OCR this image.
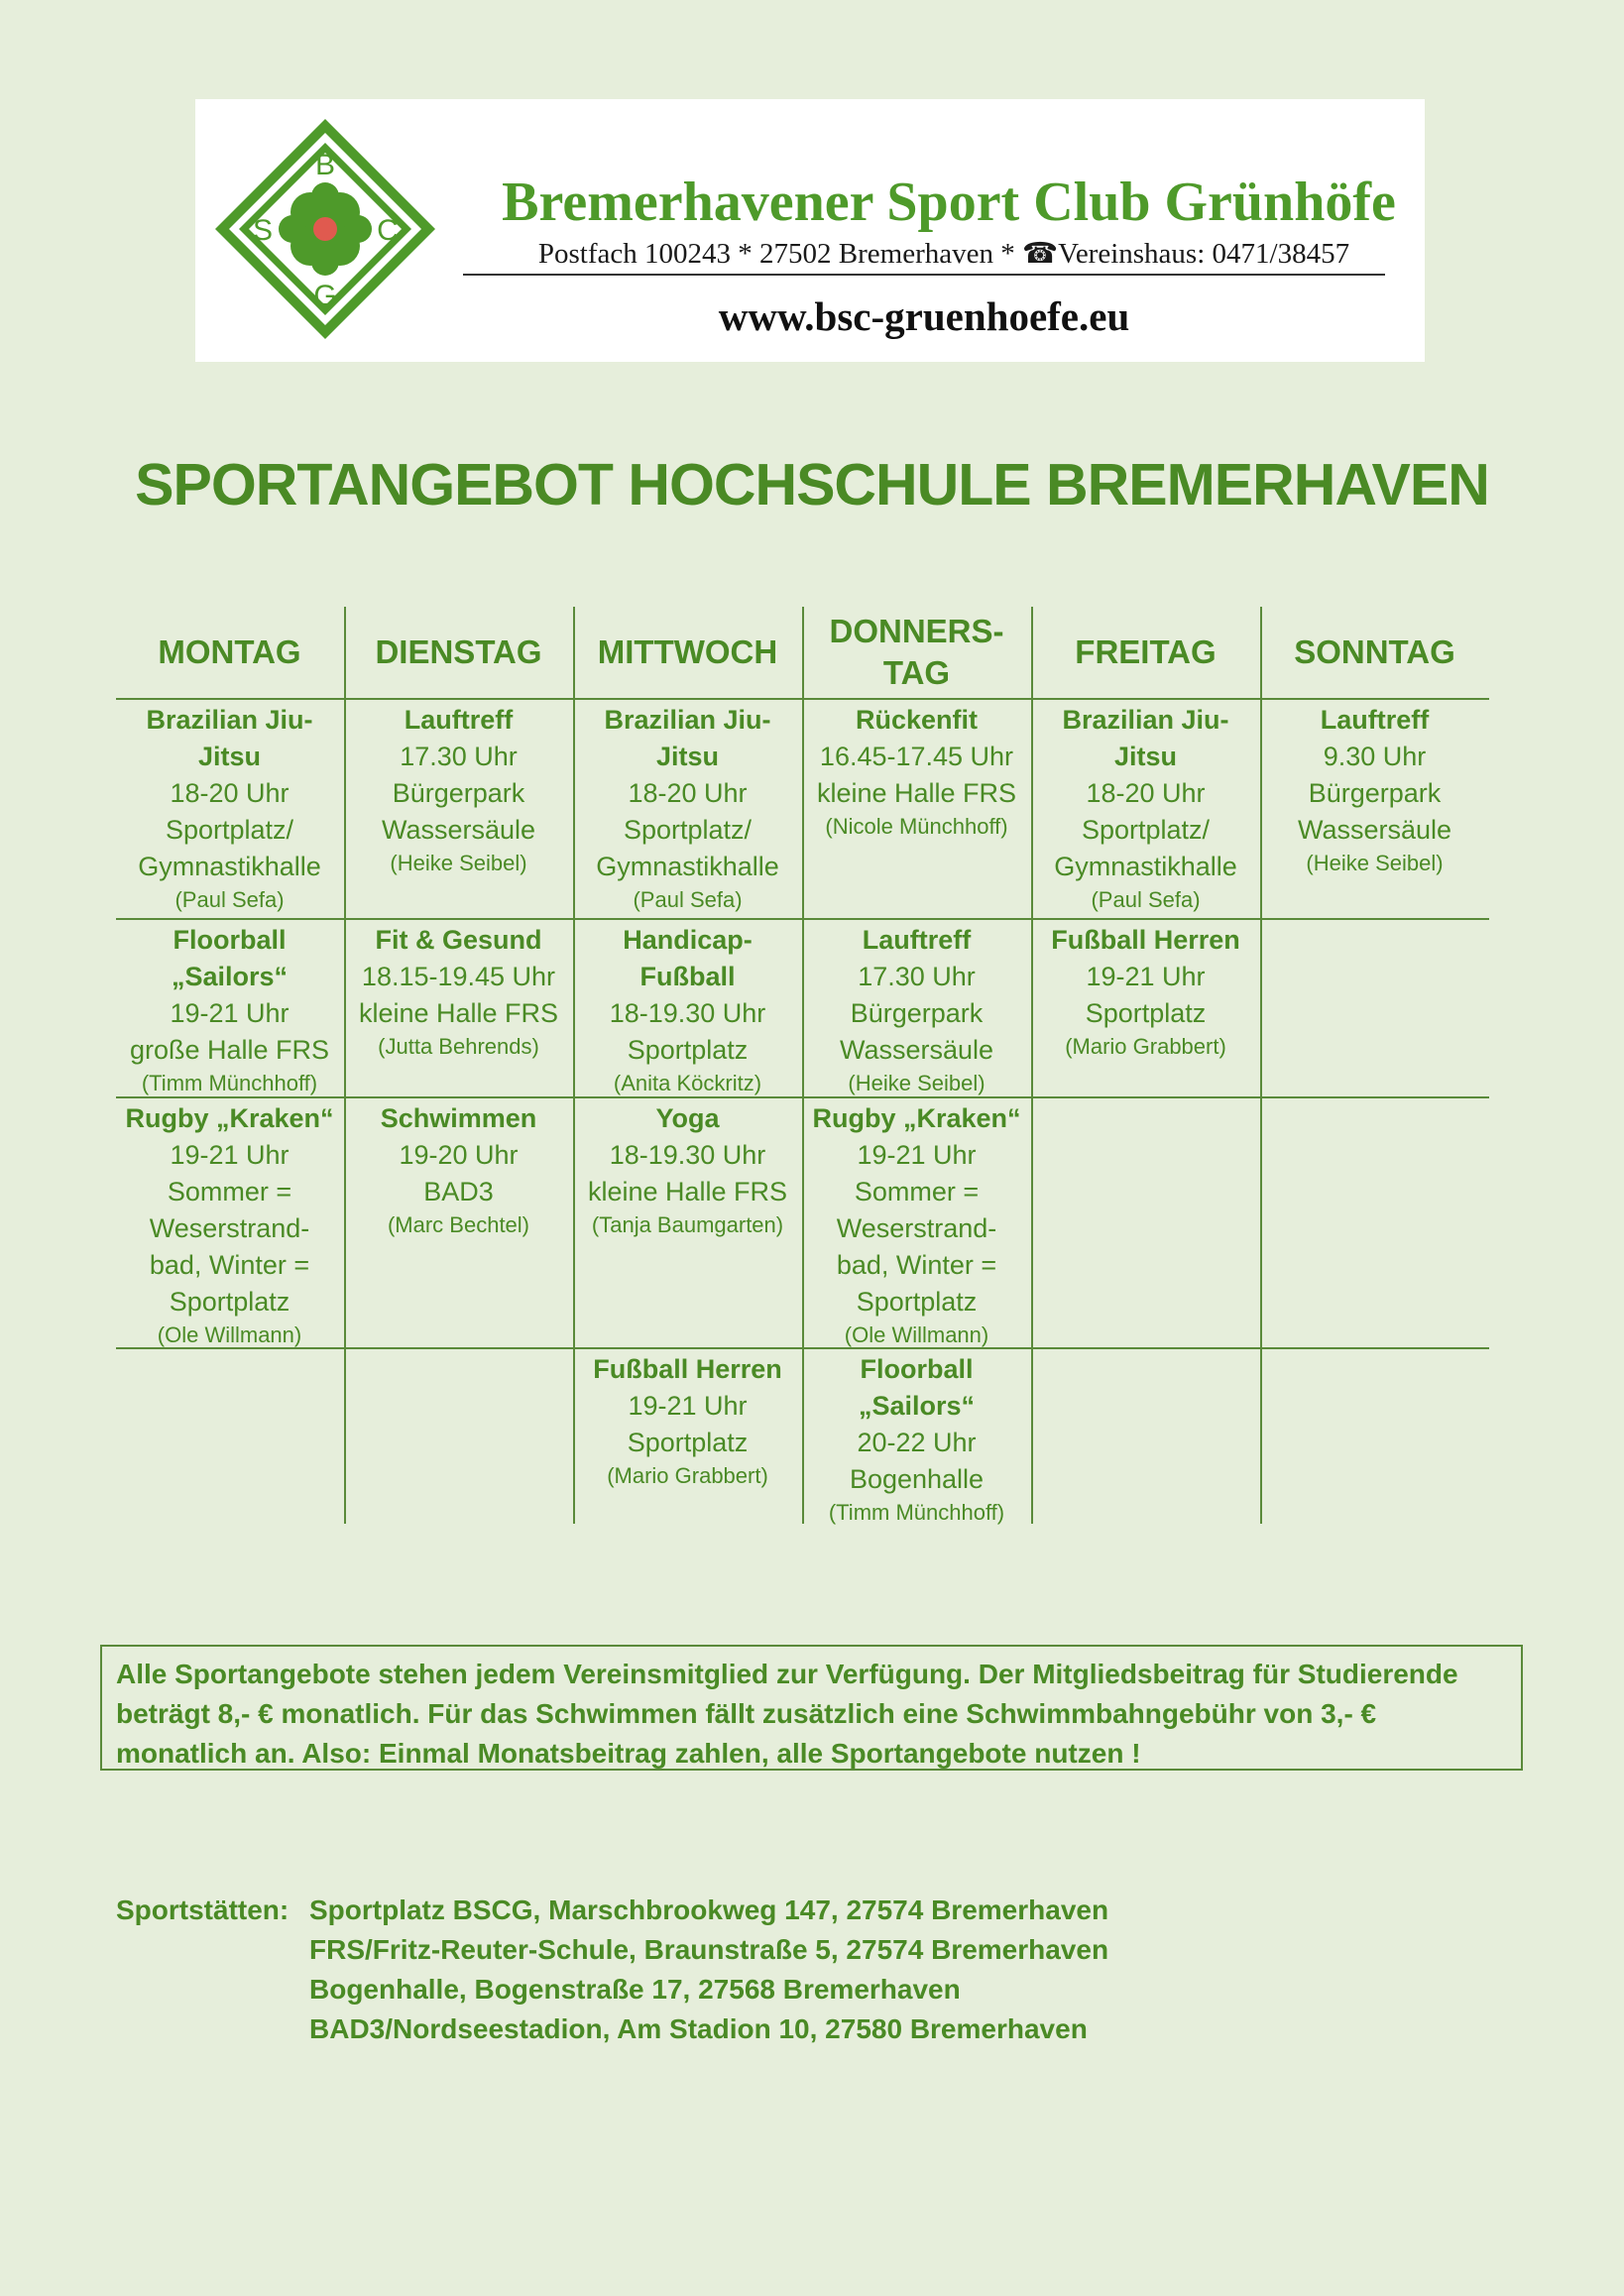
B
S	C
G
Bremerhavener Sport Club Grünhöfe
Postfach 100243 * 27502 Bremerhaven * ☎Vereinshaus: 0471/38457
www.bsc-gruenhoefe.eu
SPORTANGEBOT HOCHSCHULE BREMERHAVEN
MONTAG DIENSTAG MITTWOCH
DONNERS-
TAG
FREITAG SONNTAG
Brazilian Jiu-
Jitsu
18-20 Uhr
Sportplatz/
Gymnastikhalle
(Paul Sefa)
Lauftreff
17.30 Uhr
Bürgerpark
Wassersäule
(Heike Seibel)
Brazilian Jiu-
Jitsu
18-20 Uhr
Sportplatz/
Gymnastikhalle
(Paul Sefa)
Rückenfit
16.45-17.45 Uhr
kleine Halle FRS
(Nicole Münchhoff)
Brazilian Jiu-
Jitsu
18-20 Uhr
Sportplatz/
Gymnastikhalle
(Paul Sefa)
Lauftreff
9.30 Uhr
Bürgerpark
Wassersäule
(Heike Seibel)
Floorball
„Sailors“
19-21 Uhr
große Halle FRS
(Timm Münchhoff)
Fit & Gesund
18.15-19.45 Uhr
kleine Halle FRS
(Jutta Behrends)
Handicap-
Fußball
18-19.30 Uhr
Sportplatz
(Anita Köckritz)
Lauftreff
17.30 Uhr
Bürgerpark
Wassersäule
(Heike Seibel)
Fußball Herren
19-21 Uhr
Sportplatz
(Mario Grabbert)
Rugby „Kraken“
19-21 Uhr
Sommer =
Weserstrand-
bad, Winter =
Sportplatz
(Ole Willmann)
Schwimmen
19-20 Uhr
BAD3
(Marc Bechtel)
Yoga
18-19.30 Uhr
kleine Halle FRS
(Tanja Baumgarten)
Rugby „Kraken“
19-21 Uhr
Sommer =
Weserstrand-
bad, Winter =
Sportplatz
(Ole Willmann)
Fußball Herren
19-21 Uhr
Sportplatz
(Mario Grabbert)
Floorball
„Sailors“
20-22 Uhr
Bogenhalle
(Timm Münchhoff)
Alle Sportangebote stehen jedem Vereinsmitglied zur Verfügung. Der Mitgliedsbeitrag für Studierende beträgt 8,- € monatlich. Für das Schwimmen fällt zusätzlich eine Schwimmbahngebühr von 3,- € monatlich an. Also: Einmal Monatsbeitrag zahlen, alle Sportangebote nutzen !
Sportstätten: Sportplatz BSCG, Marschbrookweg 147, 27574 Bremerhaven
FRS/Fritz-Reuter-Schule, Braunstraße 5, 27574 Bremerhaven
Bogenhalle, Bogenstraße 17, 27568 Bremerhaven
BAD3/Nordseestadion, Am Stadion 10, 27580 Bremerhaven
